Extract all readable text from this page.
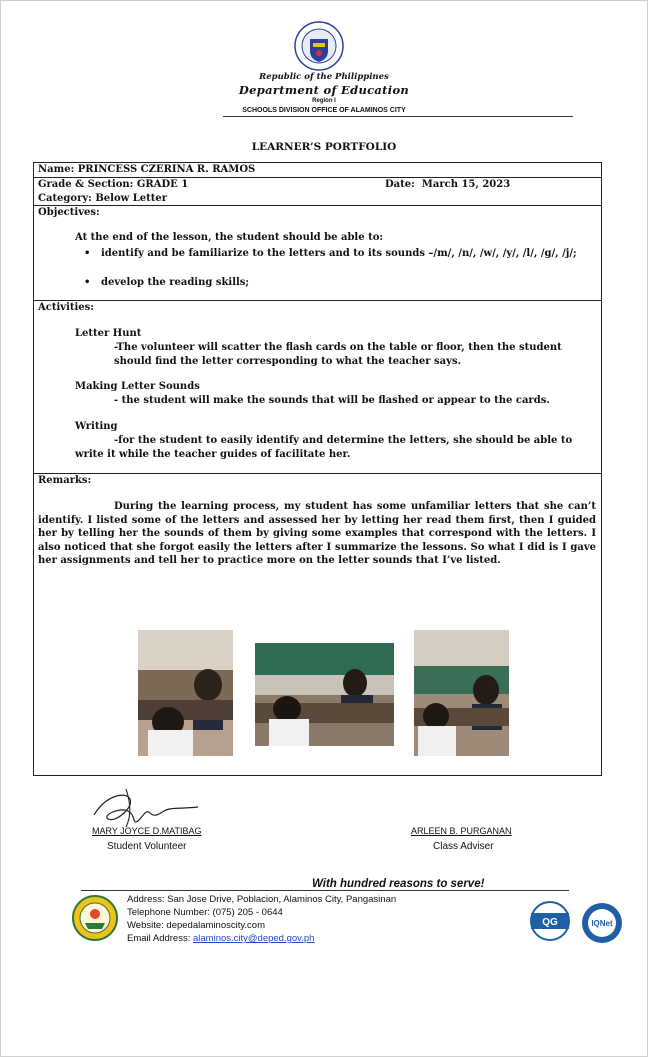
Republic of the Philippines
Department of Education
Region I
SCHOOLS DIVISION OFFICE OF ALAMINOS CITY
LEARNER’S PORTFOLIO
Name: PRINCESS CZERINA R. RAMOS
Grade & Section: GRADE 1	Date: March 15, 2023
Category: Below Letter
Objectives:
At the end of the lesson, the student should be able to:
• identify and be familiarize to the letters and to its sounds –/m/, /n/, /w/, /y/, /l/, /g/, /j/;
• develop the reading skills;
Activities:
Letter Hunt
-The volunteer will scatter the flash cards on the table or floor, then the student should find the letter corresponding to what the teacher says.
Making Letter Sounds
- the student will make the sounds that will be flashed or appear to the cards.
Writing
-for the student to easily identify and determine the letters, she should be able to write it while the teacher guides of facilitate her.
Remarks:
During the learning process, my student has some unfamiliar letters that she can’t identify. I listed some of the letters and assessed her by letting her read them first, then I guided her by telling her the sounds of them by giving some examples that correspond with the letters. I also noticed that she forgot easily the letters after I summarize the lessons. So what I did is I gave her assignments and tell her to practice more on the letter sounds that I’ve listed.
MARY JOYCE D.MATIBAG
Student Volunteer
ARLEEN B. PURGANAN
Class Adviser
With hundred reasons to serve!
Address: San Jose Drive, Poblacion, Alaminos City, Pangasinan
Telephone Number: (075) 205 - 0644
Website: depedalaminoscity.com
Email Address: alaminos.city@deped.gov.ph
QG	IQNet
